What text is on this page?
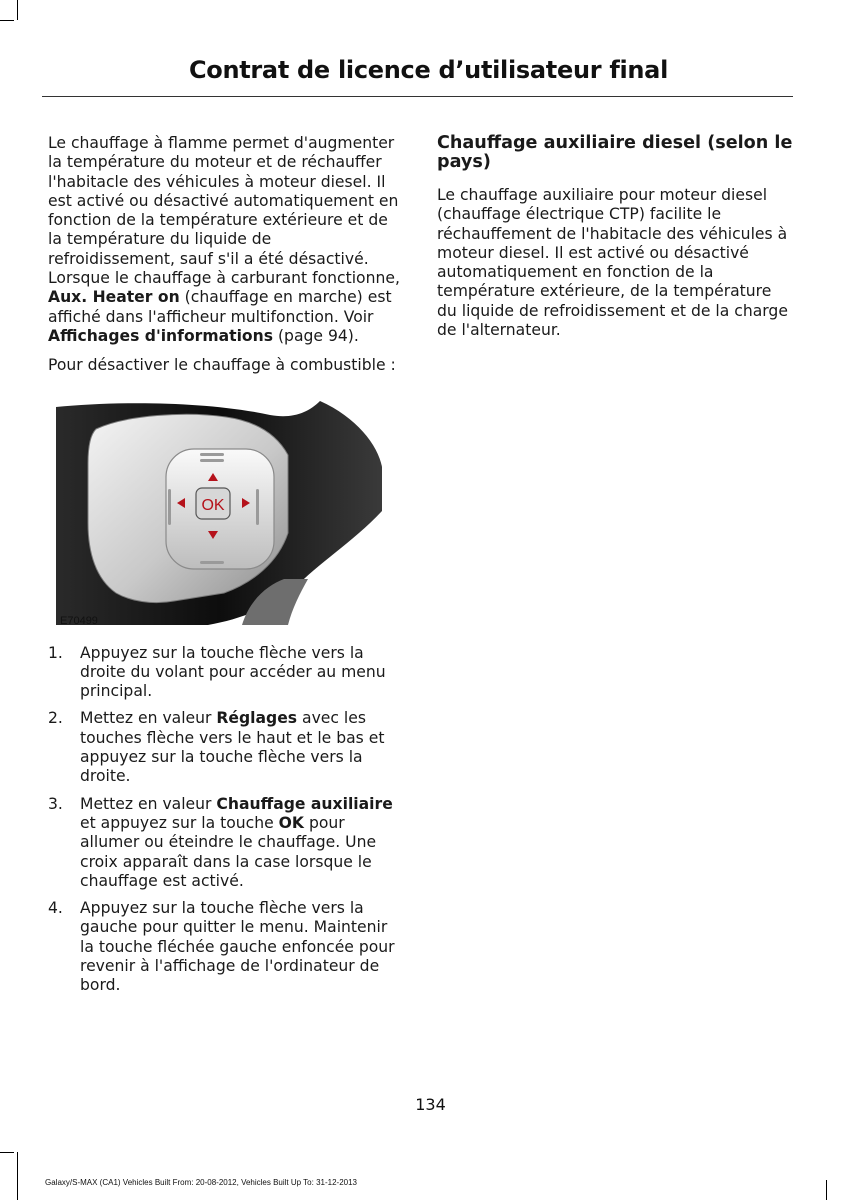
Contrat de licence d’utilisateur final

Le chauffage à flamme permet d'augmenter la température du moteur et de réchauffer l'habitacle des véhicules à moteur diesel. Il est activé ou désactivé automatiquement en fonction de la température extérieure et de la température du liquide de refroidissement, sauf s'il a été désactivé. Lorsque le chauffage à carburant fonctionne, Aux. Heater on (chauffage en marche) est affiché dans l'afficheur multifonction. Voir Affichages d'informations (page 94).

Pour désactiver le chauffage à combustible :

OK
E70499
1. Appuyez sur la touche flèche vers la droite du volant pour accéder au menu principal.
2. Mettez en valeur Réglages avec les touches flèche vers le haut et le bas et appuyez sur la touche flèche vers la droite.
3. Mettez en valeur Chauffage auxiliaire et appuyez sur la touche OK pour allumer ou éteindre le chauffage. Une croix apparaît dans la case lorsque le chauffage est activé.
4. Appuyez sur la touche flèche vers la gauche pour quitter le menu. Maintenir la touche fléchée gauche enfoncée pour revenir à l'affichage de l'ordinateur de bord.
Chauffage auxiliaire diesel (selon le pays)

Le chauffage auxiliaire pour moteur diesel (chauffage électrique CTP) facilite le réchauffement de l'habitacle des véhicules à moteur diesel. Il est activé ou désactivé automatiquement en fonction de la température extérieure, de la température du liquide de refroidissement et de la charge de l'alternateur.

134
Galaxy/S-MAX (CA1) Vehicles Built From: 20-08-2012, Vehicles Built Up To: 31-12-2013
